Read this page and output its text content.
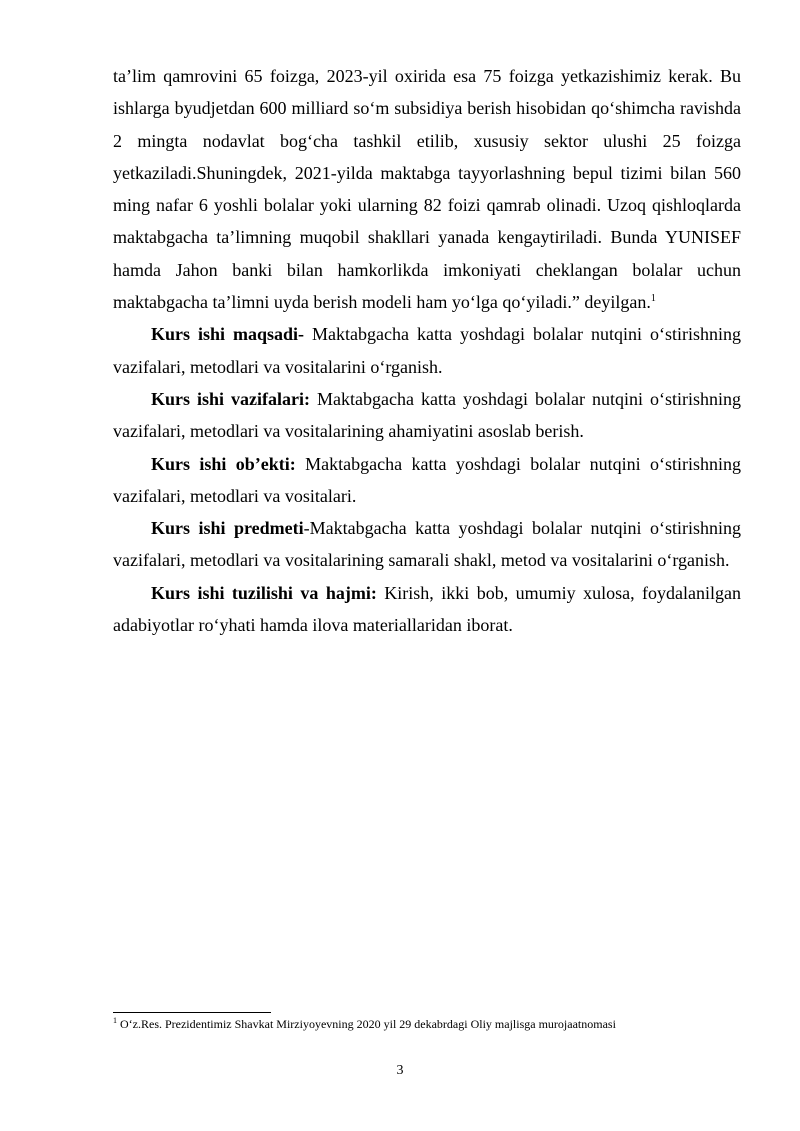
ta’lim qamrovini 65 foizga, 2023-yil oxirida esa 75 foizga yetkazishimiz kerak. Bu ishlarga byudjetdan 600 milliard so‘m subsidiya berish hisobidan qo‘shimcha ravishda 2 mingta nodavlat bog‘cha tashkil etilib, xususiy sektor ulushi 25 foizga yetkaziladi.Shuningdek, 2021-yilda maktabga tayyorlashning bepul tizimi bilan 560 ming nafar 6 yoshli bolalar yoki ularning 82 foizi qamrab olinadi. Uzoq qishloqlarda maktabgacha ta’limning muqobil shakllari yanada kengaytiriladi. Bunda YUNISEF hamda Jahon banki bilan hamkorlikda imkoniyati cheklangan bolalar uchun maktabgacha ta’limni uyda berish modeli ham yo‘lga qo‘yiladi.” deyilgan.$^1$

Kurs ishi maqsadi- Maktabgacha katta yoshdagi bolalar nutqini o‘stirishning vazifalari, metodlari va vositalarini o‘rganish.

Kurs ishi vazifalari: Maktabgacha katta yoshdagi bolalar nutqini o‘stirishning vazifalari, metodlari va vositalarining ahamiyatini asoslab berish.

Kurs ishi ob’ekti: Maktabgacha katta yoshdagi bolalar nutqini o‘stirishning vazifalari, metodlari va vositalari.

Kurs ishi predmeti-Maktabgacha katta yoshdagi bolalar nutqini o‘stirishning vazifalari, metodlari va vositalarining samarali shakl, metod va vositalarini o‘rganish.

Kurs ishi tuzilishi va hajmi: Kirish, ikki bob, umumiy xulosa, foydalanilgan adabiyotlar ro‘yhati hamda ilova materiallaridan iborat.

$^1$ O‘z.Res. Prezidentimiz Shavkat Mirziyoyevning 2020 yil 29 dekabrdagi Oliy majlisga murojaatnomasi
3
